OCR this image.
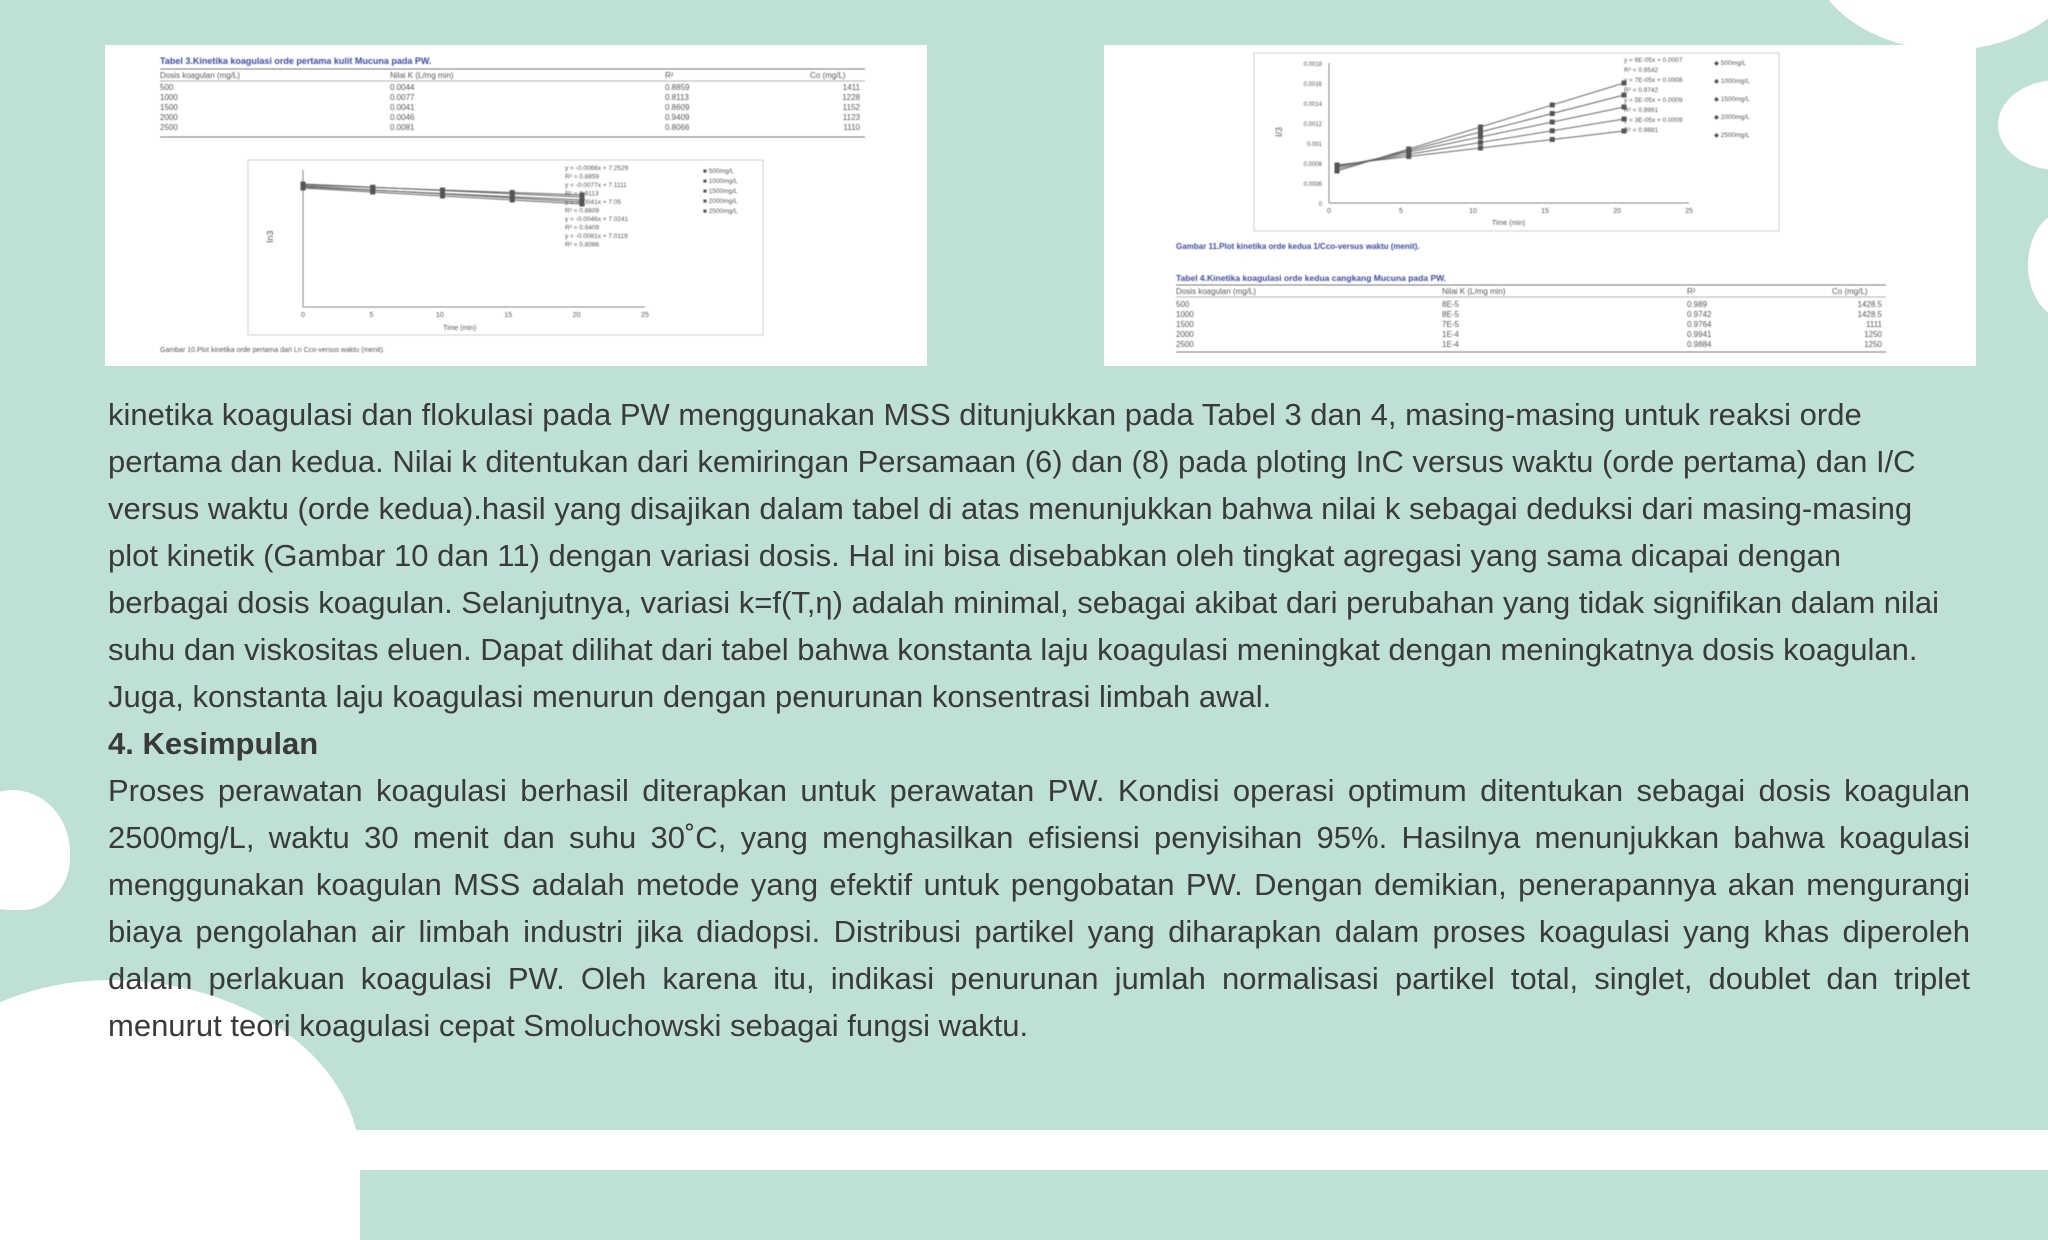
Tabel 3.Kinetika koagulasi orde pertama kulit Mucuna pada PW.
Dosis koagulan (mg/L)	Nilai K (L/mg min)	R²	Co (mg/L)
500	0.0044	0.8859	1411
1000	0.0077	0.8113	1228
1500	0.0041	0.8609	1152
2000	0.0046	0.9409	1123
2500	0.0081	0.8066	1110
In3
Time (min)
0	5	10	15	20	25
y = -0.0066x + 7.2529
R² = 0.8859
y = -0.0077x + 7.1111
R² = 0.8113
y = -0.0041x + 7.05
R² = 0.8609
y = -0.0046x + 7.0241
R² = 0.9409
y = -0.0081x + 7.0119
R² = 0.8066
■ 500mg/L
■ 1000mg/L
■ 1500mg/L
■ 2000mg/L
■ 2500mg/L
Gambar 10.Plot kinetika orde pertama dari Ln Cco-versus waktu (menit).
0.0018
0.0016
0.0014
0.0012
0.001
0.0008
0.0006
0
0	5	10	15	20	25
I/3
Time (min)
y = 6E-05x + 0.0007
R² = 0.9542
y = 7E-05x + 0.0008
R² = 0.9742
y = 5E-05x + 0.0009
R² = 0.9961
y = 3E-05x + 0.0009
R² = 0.9881
◆ 500mg/L
◆ 1000mg/L
◆ 1500mg/L
◆ 2000mg/L
◆ 2500mg/L
Gambar 11.Plot kinetika orde kedua 1/Cco-versus waktu (menit).
Tabel 4.Kinetika koagulasi orde kedua cangkang Mucuna pada PW.
Dosis koagulan (mg/L)	Nilai K (L/mg min)	R²	Co (mg/L)
500	8E-5	0.989	1428.5
1000	8E-5	0.9742	1428.5
1500	7E-5	0.9764	1111
2000	1E-4	0.9941	1250
2500	1E-4	0.9884	1250

kinetika koagulasi dan flokulasi pada PW menggunakan MSS ditunjukkan pada Tabel 3 dan 4, masing-masing untuk reaksi orde pertama dan kedua. Nilai k ditentukan dari kemiringan Persamaan (6) dan (8) pada ploting InC versus waktu (orde pertama) dan I/C versus waktu (orde kedua).hasil yang disajikan dalam tabel di atas menunjukkan bahwa nilai k sebagai deduksi dari masing-masing plot kinetik (Gambar 10 dan 11) dengan variasi dosis. Hal ini bisa disebabkan oleh tingkat agregasi yang sama dicapai dengan berbagai dosis koagulan. Selanjutnya, variasi k=f(T,η) adalah minimal, sebagai akibat dari perubahan yang tidak signifikan dalam nilai suhu dan viskositas eluen. Dapat dilihat dari tabel bahwa konstanta laju koagulasi meningkat dengan meningkatnya dosis koagulan. Juga, konstanta laju koagulasi menurun dengan penurunan konsentrasi limbah awal.

4. Kesimpulan

Proses perawatan koagulasi berhasil diterapkan untuk perawatan PW. Kondisi operasi optimum ditentukan sebagai dosis koagulan 2500mg/L, waktu 30 menit dan suhu 30˚C, yang menghasilkan efisiensi penyisihan 95%. Hasilnya menunjukkan bahwa koagulasi menggunakan koagulan MSS adalah metode yang efektif untuk pengobatan PW. Dengan demikian, penerapannya akan mengurangi biaya pengolahan air limbah industri jika diadopsi. Distribusi partikel yang diharapkan dalam proses koagulasi yang khas diperoleh dalam perlakuan koagulasi PW. Oleh karena itu, indikasi penurunan jumlah normalisasi partikel total, singlet, doublet dan triplet menurut teori koagulasi cepat Smoluchowski sebagai fungsi waktu.
